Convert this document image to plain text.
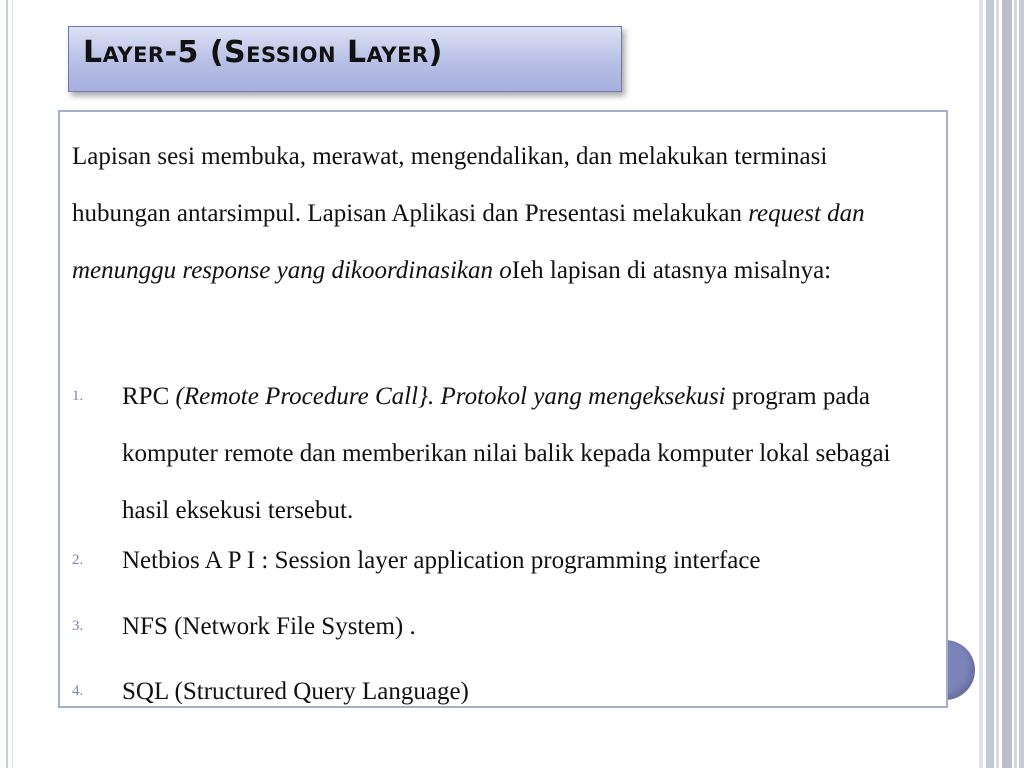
Layer-5 (Session Layer)

Lapisan sesi membuka, merawat, mengendalikan, dan melakukan terminasi hubungan antarsimpul. Lapisan Aplikasi dan Presentasi melakukan request dan menunggu response yang dikoordinasikan oIeh lapisan di atasnya misalnya:

1. RPC (Remote Procedure Call}. Protokol yang mengeksekusi program pada komputer remote dan memberikan nilai balik kepada komputer lokal sebagai hasil eksekusi tersebut.

2. Netbios A P I : Session layer application programming interface

3. NFS (Network File System) .

4. SQL (Structured Query Language)
